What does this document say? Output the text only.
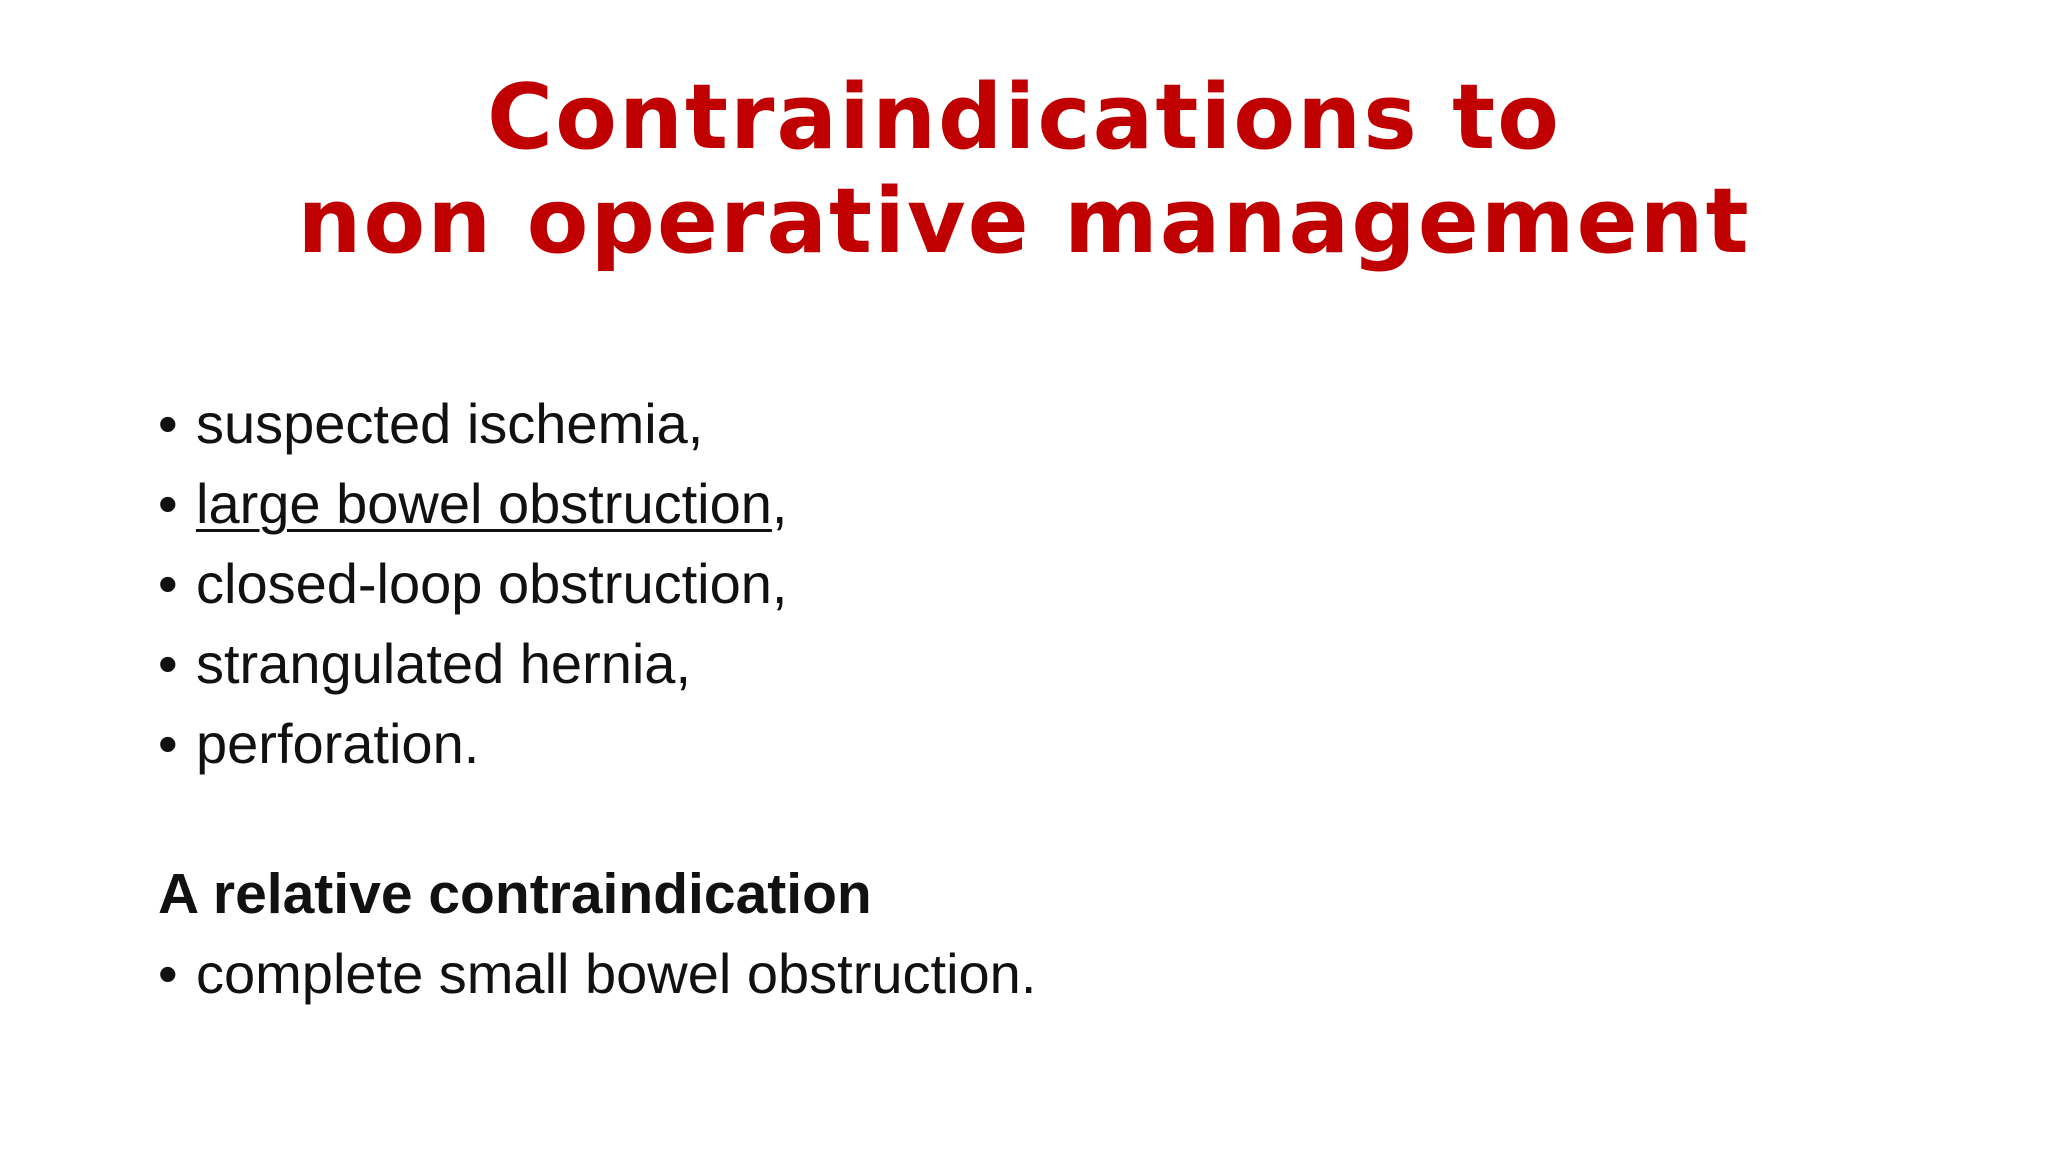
Contraindications to
non operative management
• suspected ischemia,
• large bowel obstruction,
• closed-loop obstruction,
• strangulated hernia,
• perforation.
A relative contraindication
• complete small bowel obstruction.
